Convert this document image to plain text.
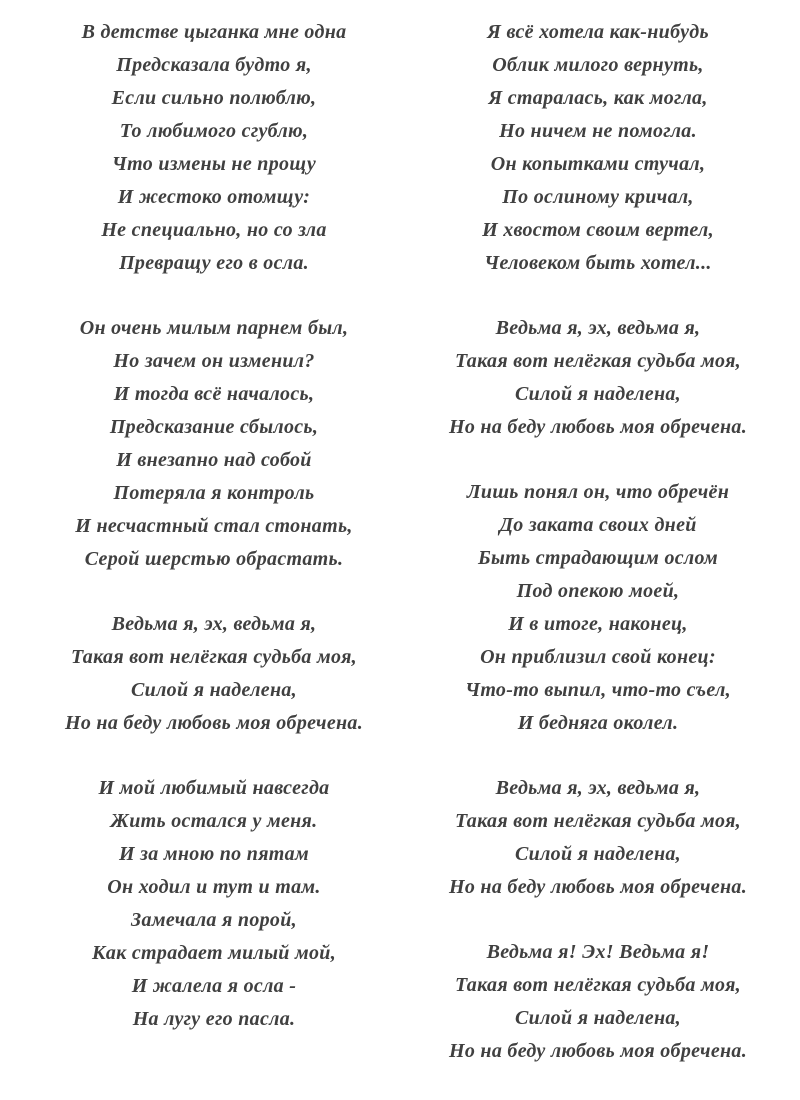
В детстве цыганка мне одна
Предсказала будто я,
Если сильно полюблю,
То любимого сгублю,
Что измены не прощу
И жестоко отомщу:
Не специально, но со зла
Превращу его в осла.
Он очень милым парнем был,
Но зачем он изменил?
И тогда всё началось,
Предсказание сбылось,
И внезапно над собой
Потеряла я контроль
И несчастный стал стонать,
Серой шерстью обрастать.
Ведьма я, эх, ведьма я,
Такая вот нелёгкая судьба моя,
Силой я наделена,
Но на беду любовь моя обречена.
И мой любимый навсегда
Жить остался у меня.
И за мною по пятам
Он ходил и тут и там.
Замечала я порой,
Как страдает милый мой,
И жалела я осла -
На лугу его пасла.
Я всё хотела как-нибудь
Облик милого вернуть,
Я старалась, как могла,
Но ничем не помогла.
Он копытками стучал,
По ослиному кричал,
И хвостом своим вертел,
Человеком быть хотел...
Ведьма я, эх, ведьма я,
Такая вот нелёгкая судьба моя,
Силой я наделена,
Но на беду любовь моя обречена.
Лишь понял он, что обречён
До заката своих дней
Быть страдающим ослом
Под опекою моей,
И в итоге, наконец,
Он приблизил свой конец:
Что-то выпил, что-то съел,
И бедняга околел.
Ведьма я, эх, ведьма я,
Такая вот нелёгкая судьба моя,
Силой я наделена,
Но на беду любовь моя обречена.
Ведьма я! Эх! Ведьма я!
Такая вот нелёгкая судьба моя,
Силой я наделена,
Но на беду любовь моя обречена.
